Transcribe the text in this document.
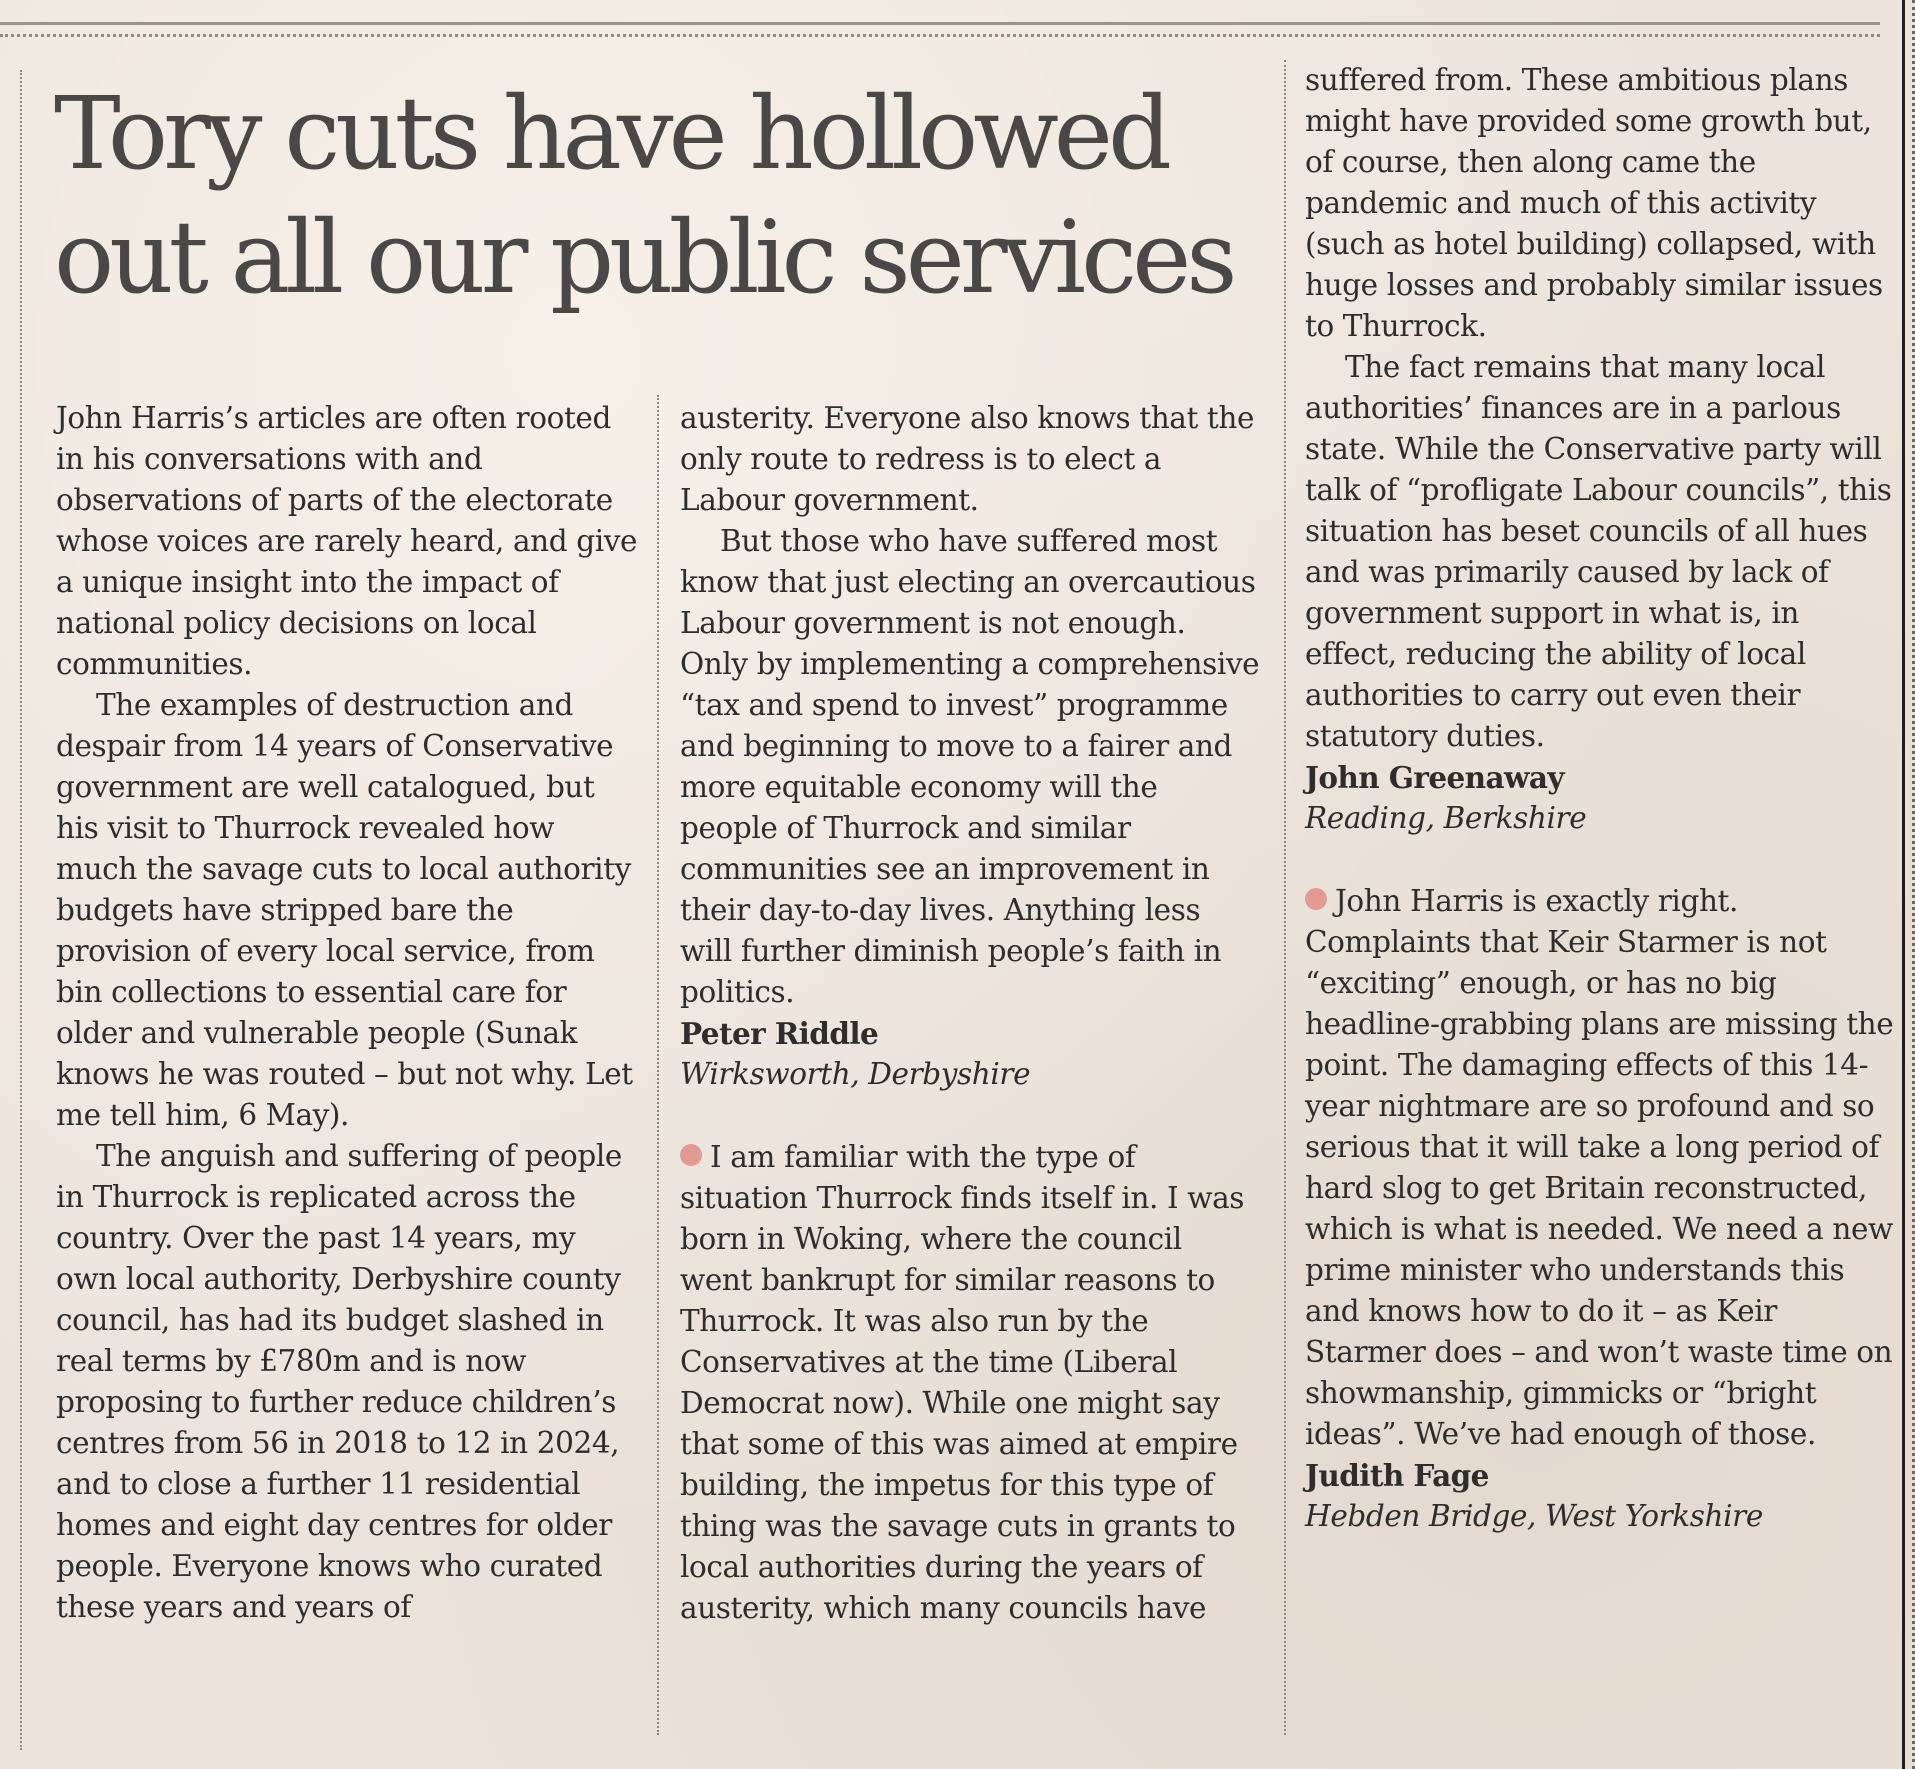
Tory cuts have hollowed out all our public services

John Harris’s articles are often rooted in his conversations with and observations of parts of the electorate whose voices are rarely heard, and give a unique insight into the impact of national policy decisions on local communities.

The examples of destruction and despair from 14 years of Conservative government are well catalogued, but his visit to Thurrock revealed how much the savage cuts to local authority budgets have stripped bare the provision of every local service, from bin collections to essential care for older and vulnerable people (Sunak knows he was routed – but not why. Let me tell him, 6 May).

The anguish and suffering of people in Thurrock is replicated across the country. Over the past 14 years, my own local authority, Derbyshire county council, has had its budget slashed in real terms by £780m and is now proposing to further reduce children’s centres from 56 in 2018 to 12 in 2024, and to close a further 11 residential homes and eight day centres for older people. Everyone knows who curated these years and years of

austerity. Everyone also knows that the only route to redress is to elect a Labour government.

But those who have suffered most know that just electing an overcautious Labour government is not enough. Only by implementing a comprehensive “tax and spend to invest” programme and beginning to move to a fairer and more equitable economy will the people of Thurrock and similar communities see an improvement in their day-to-day lives. Anything less will further diminish people’s faith in politics.

Peter Riddle
Wirksworth, Derbyshire

I am familiar with the type of situation Thurrock finds itself in. I was born in Woking, where the council went bankrupt for similar reasons to Thurrock. It was also run by the Conservatives at the time (Liberal Democrat now). While one might say that some of this was aimed at empire building, the impetus for this type of thing was the savage cuts in grants to local authorities during the years of austerity, which many councils have

suffered from. These ambitious plans might have provided some growth but, of course, then along came the pandemic and much of this activity (such as hotel building) collapsed, with huge losses and probably similar issues to Thurrock.

The fact remains that many local authorities’ finances are in a parlous state. While the Conservative party will talk of “profligate Labour councils”, this situation has beset councils of all hues and was primarily caused by lack of government support in what is, in effect, reducing the ability of local authorities to carry out even their statutory duties.

John Greenaway
Reading, Berkshire

John Harris is exactly right. Complaints that Keir Starmer is not “exciting” enough, or has no big headline-grabbing plans are missing the point. The damaging effects of this 14-year nightmare are so profound and so serious that it will take a long period of hard slog to get Britain reconstructed, which is what is needed. We need a new prime minister who understands this and knows how to do it – as Keir Starmer does – and won’t waste time on showmanship, gimmicks or “bright ideas”. We’ve had enough of those.

Judith Fage
Hebden Bridge, West Yorkshire
